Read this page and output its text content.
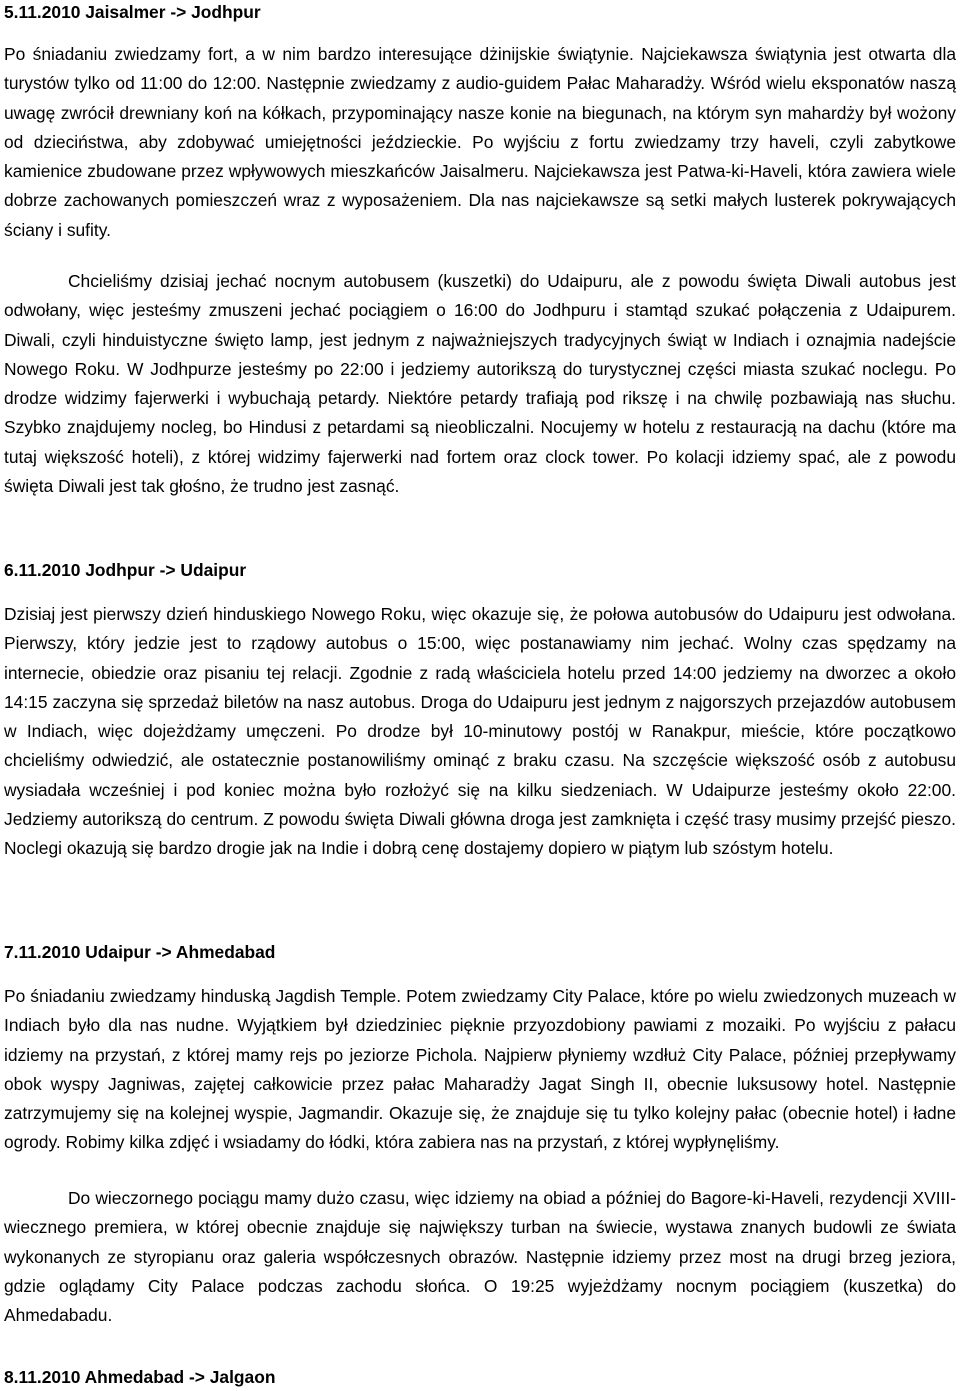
5.11.2010 Jaisalmer -> Jodhpur

Po śniadaniu zwiedzamy fort, a w nim bardzo interesujące dżinijskie świątynie. Najciekawsza świątynia jest otwarta dla turystów tylko od 11:00 do 12:00. Następnie zwiedzamy z audio-guidem Pałac Maharadży. Wśród wielu eksponatów naszą uwagę zwrócił drewniany koń na kółkach, przypominający nasze konie na biegunach, na którym syn mahardży był wożony od dzieciństwa, aby zdobywać umiejętności jeździeckie. Po wyjściu z fortu zwiedzamy trzy haveli, czyli zabytkowe kamienice zbudowane przez wpływowych mieszkańców Jaisalmeru. Najciekawsza jest Patwa-ki-Haveli, która zawiera wiele dobrze zachowanych pomieszczeń wraz z wyposażeniem. Dla nas najciekawsze są setki małych lusterek pokrywających ściany i sufity.

Chcieliśmy dzisiaj jechać nocnym autobusem (kuszetki) do Udaipuru, ale z powodu święta Diwali autobus jest odwołany, więc jesteśmy zmuszeni jechać pociągiem o 16:00 do Jodhpuru i stamtąd szukać połączenia z Udaipurem. Diwali, czyli hinduistyczne święto lamp, jest jednym z najważniejszych tradycyjnych świąt w Indiach i oznajmia nadejście Nowego Roku. W Jodhpurze jesteśmy po 22:00 i jedziemy autorikszą do turystycznej części miasta szukać noclegu. Po drodze widzimy fajerwerki i wybuchają petardy. Niektóre petardy trafiają pod rikszę i na chwilę pozbawiają nas słuchu. Szybko znajdujemy nocleg, bo Hindusi z petardami są nieobliczalni. Nocujemy w hotelu z restauracją na dachu (które ma tutaj większość hoteli), z której widzimy fajerwerki nad fortem oraz clock tower. Po kolacji idziemy spać, ale z powodu święta Diwali jest tak głośno, że trudno jest zasnąć.

6.11.2010 Jodhpur -> Udaipur

Dzisiaj jest pierwszy dzień hinduskiego Nowego Roku, więc okazuje się, że połowa autobusów do Udaipuru jest odwołana. Pierwszy, który jedzie jest to rządowy autobus o 15:00, więc postanawiamy nim jechać. Wolny czas spędzamy na internecie, obiedzie oraz pisaniu tej relacji. Zgodnie z radą właściciela hotelu przed 14:00 jedziemy na dworzec a około 14:15 zaczyna się sprzedaż biletów na nasz autobus. Droga do Udaipuru jest jednym z najgorszych przejazdów autobusem w Indiach, więc dojeżdżamy umęczeni. Po drodze był 10-minutowy postój w Ranakpur, mieście, które początkowo chcieliśmy odwiedzić, ale ostatecznie postanowiliśmy ominąć z braku czasu. Na szczęście większość osób z autobusu wysiadała wcześniej i pod koniec można było rozłożyć się na kilku siedzeniach. W Udaipurze jesteśmy około 22:00. Jedziemy autorikszą do centrum. Z powodu święta Diwali główna droga jest zamknięta i część trasy musimy przejść pieszo. Noclegi okazują się bardzo drogie jak na Indie i dobrą cenę dostajemy dopiero w piątym lub szóstym hotelu.

7.11.2010 Udaipur -> Ahmedabad

Po śniadaniu zwiedzamy hinduską Jagdish Temple. Potem zwiedzamy City Palace, które po wielu zwiedzonych muzeach w Indiach było dla nas nudne. Wyjątkiem był dziedziniec pięknie przyozdobiony pawiami z mozaiki. Po wyjściu z pałacu idziemy na przystań, z której mamy rejs po jeziorze Pichola. Najpierw płyniemy wzdłuż City Palace, później przepływamy obok wyspy Jagniwas, zajętej całkowicie przez pałac Maharadży Jagat Singh II, obecnie luksusowy hotel. Następnie zatrzymujemy się na kolejnej wyspie, Jagmandir. Okazuje się, że znajduje się tu tylko kolejny pałac (obecnie hotel) i ładne ogrody. Robimy kilka zdjęć i wsiadamy do łódki, która zabiera nas na przystań, z której wypłynęliśmy.

Do wieczornego pociągu mamy dużo czasu, więc idziemy na obiad a później do Bagore-ki-Haveli, rezydencji XVIII-wiecznego premiera, w której obecnie znajduje się największy turban na świecie, wystawa znanych budowli ze świata wykonanych ze styropianu oraz galeria współczesnych obrazów. Następnie idziemy przez most na drugi brzeg jeziora, gdzie oglądamy City Palace podczas zachodu słońca. O 19:25 wyjeżdżamy nocnym pociągiem (kuszetka) do Ahmedabadu.

8.11.2010 Ahmedabad -> Jalgaon
